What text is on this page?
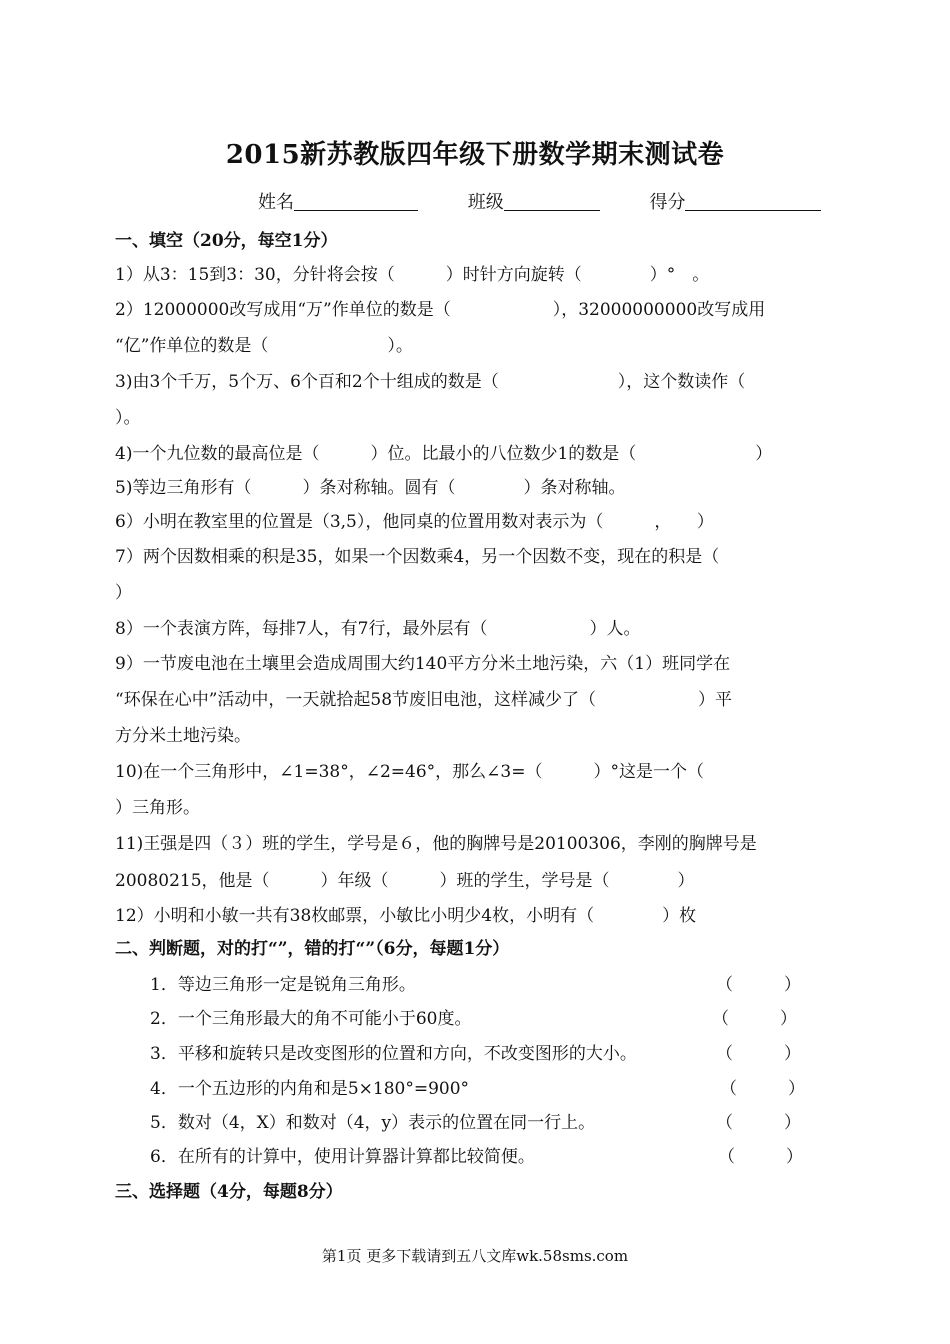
2015新苏教版四年级下册数学期末测试卷
姓名	班级	得分
一、填空（20分，每空1分）
1）从3：15到3：30，分针将会按（　　　）时针方向旋转（　　　　）°　。
2）12000000改写成用“万”作单位的数是（　　　　　　），32000000000改写成用
“亿”作单位的数是（　　　　　　　）。
3)由3个千万，5个万、6个百和2个十组成的数是（　　　　　　　），这个数读作（
）。
4)一个九位数的最高位是（　　　）位。比最小的八位数少1的数是（　　　　　　　）
5)等边三角形有（　　　）条对称轴。圆有（　　　　）条对称轴。
6）小明在教室里的位置是（3,5），他同桌的位置用数对表示为（　　　，　　）
7）两个因数相乘的积是35，如果一个因数乘4，另一个因数不变，现在的积是（
）
8）一个表演方阵，每排7人，有7行，最外层有（　　　　　　）人。
9）一节废电池在土壤里会造成周围大约140平方分米土地污染，六（1）班同学在
“环保在心中”活动中，一天就拾起58节废旧电池，这样减少了（　　　　　　）平
方分米土地污染。
10)在一个三角形中，∠1=38°，∠2=46°，那么∠3=（　　　）°这是一个（
）三角形。
11)王强是四（３）班的学生，学号是６，他的胸牌号是20100306，李刚的胸牌号是
20080215，他是（　　　）年级（　　　）班的学生，学号是（　　　　）
12）小明和小敏一共有38枚邮票，小敏比小明少4枚，小明有（　　　　）枚
二、判断题，对的打“”，错的打“”（6分，每题1分）
1．等边三角形一定是锐角三角形。	（　　　）
2．一个三角形最大的角不可能小于60度。	（　　　）
3．平移和旋转只是改变图形的位置和方向，不改变图形的大小。	（　　　）
4．一个五边形的内角和是5×180°=900°	（　　　）
5．数对（4，X）和数对（4，y）表示的位置在同一行上。	（　　　）
6．在所有的计算中，使用计算器计算都比较简便。	（　　　）
三、选择题（4分，每题8分）
第1页 更多下载请到五八文库wk.58sms.com
